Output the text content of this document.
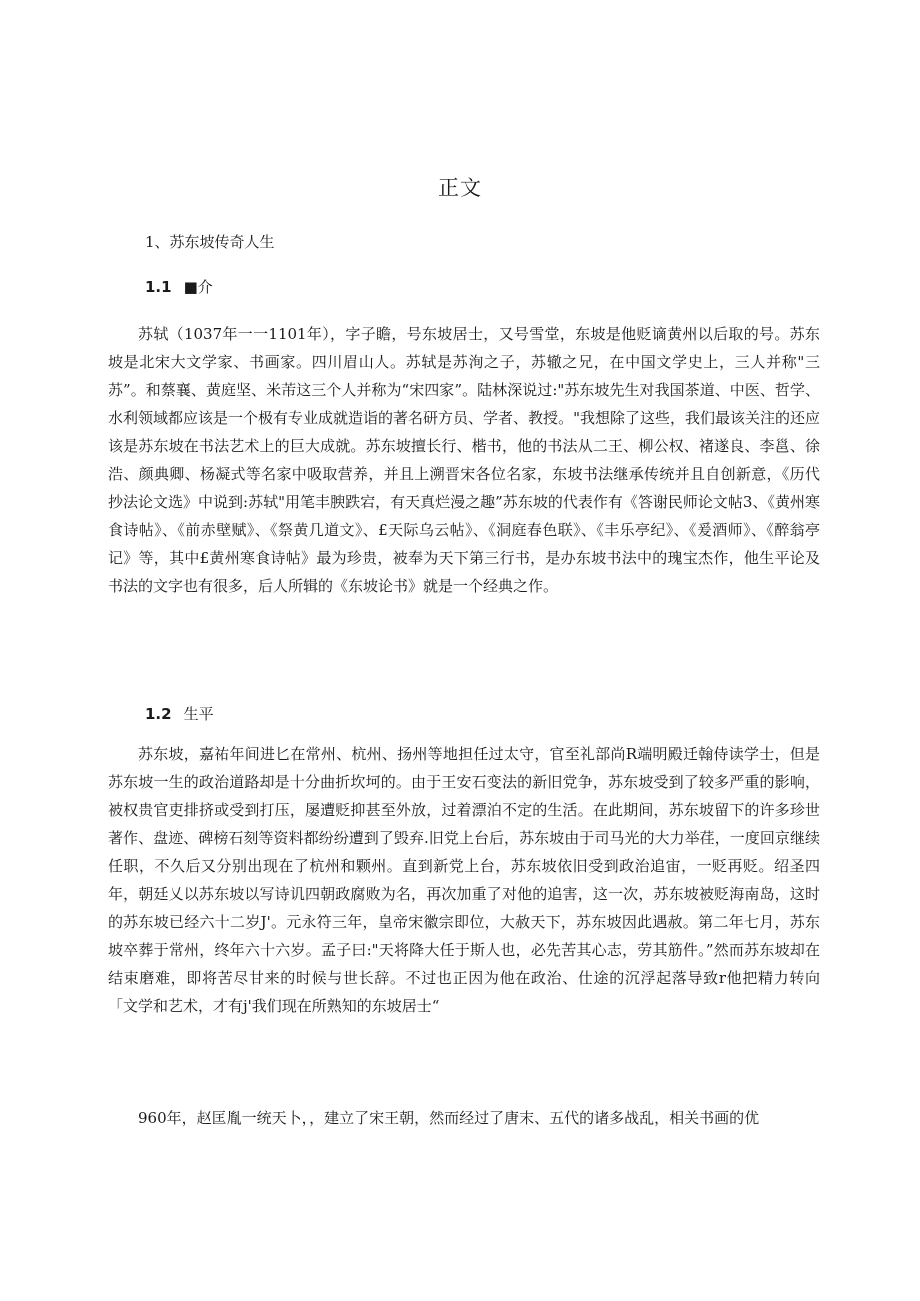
正文
1、苏东坡传奇人生
1.1 ■介

苏轼（1037年一一1101年），字子瞻，号东坡居士，又号雪堂，东坡是他贬谪黄州以后取的号。苏东坡是北宋大文学家、书画家。四川眉山人。苏轼是苏洵之子，苏辙之兄，在中国文学史上，三人并称"三苏”。和蔡襄、黄庭坚、米芾这三个人并称为“宋四家”。陆林深说过:"苏东坡先生对我国茶道、中医、哲学、水利领域都应该是一个极有专业成就造诣的著名研方员、学者、教授。"我想除了这些，我们最该关注的还应该是苏东坡在书法艺术上的巨大成就。苏东坡擅长行、楷书，他的书法从二王、柳公权、褚遂良、李邕、徐浩、颜典卿、杨凝式等名家中吸取营养，并且上溯晋宋各位名家，东坡书法继承传统并且自创新意，《历代抄法论文选》中说到:苏轼"用笔丰腴跌宕，有天真烂漫之趣”苏东坡的代表作有《答谢民师论文帖3、《黄州寒食诗帖》、《前赤壁赋》、《祭黄几道文》、£天际乌云帖》、《洞庭春色联》、《丰乐亭纪》、《爰酒师》、《醉翁亭记》等，其中£黄州寒食诗帖》最为珍贵，被奉为天下第三行书，是办东坡书法中的瑰宝杰作，他生平论及书法的文字也有很多，后人所辑的《东坡论书》就是一个经典之作。

1.2 生平

苏东坡，嘉祐年间进匕在常州、杭州、扬州等地担任过太守，官至礼部尚R端明殿迁翰侍读学士，但是苏东坡一生的政治道路却是十分曲折坎坷的。由于王安石变法的新旧党争，苏东坡受到了较多严重的影响，被权贵官吏排挤或受到打压，屡遭贬抑甚至外放，过着漂泊不定的生活。在此期间，苏东坡留下的许多珍世著作、盘迹、碑榜石刻等资料都纷纷遭到了毁弃.旧党上台后，苏东坡由于司马光的大力举荏，一度回京继续任职，不久后又分别出现在了杭州和颗州。直到新党上台，苏东坡依旧受到政治追宙，一贬再贬。绍圣四年，朝廷乂以苏东坡以写诗讥四朝政腐败为名，再次加重了对他的追害，这一次，苏东坡被贬海南岛，这时的苏东坡已经六十二岁J'。元永符三年，皇帝宋徽宗即位，大赦天下，苏东坡因此遇赦。第二年七月，苏东坡卒葬于常州，终年六十六岁。孟子曰:"天将降大任于斯人也，必先苦其心志，劳其筋件。”然而苏东坡却在结束磨难，即将苦尽甘来的时候与世长辞。不过也正因为他在政治、仕途的沉浮起落导致r他把精力转向「文学和艺术，才有j'我们现在所熟知的东坡居士“

960年，赵匡胤一统天卜，，建立了宋王朝，然而经过了唐末、五代的诸多战乱，相关书画的优
